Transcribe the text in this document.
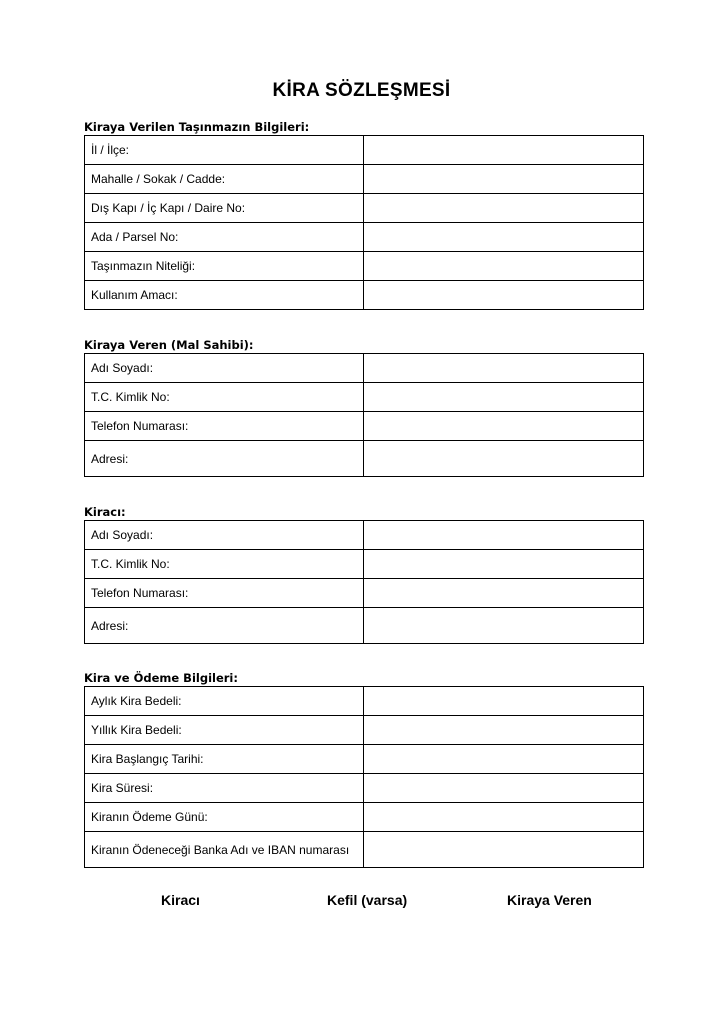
KİRA SÖZLEŞMESİ
Kiraya Verilen Taşınmazın Bilgileri:
İl / İlçe:	
Mahalle / Sokak / Cadde:	
Dış Kapı / İç Kapı / Daire No:	
Ada / Parsel No:	
Taşınmazın Niteliği:	
Kullanım Amacı:	
Kiraya Veren (Mal Sahibi):
Adı Soyadı:	
T.C. Kimlik No:	
Telefon Numarası:	
Adresi:	
Kiracı:
Adı Soyadı:	
T.C. Kimlik No:	
Telefon Numarası:	
Adresi:	
Kira ve Ödeme Bilgileri:
Aylık Kira Bedeli:	
Yıllık Kira Bedeli:	
Kira Başlangıç Tarihi:	
Kira Süresi:	
Kiranın Ödeme Günü:	
Kiranın Ödeneceği Banka Adı ve IBAN numarası	
Kiracı	Kefil (varsa)	Kiraya Veren
